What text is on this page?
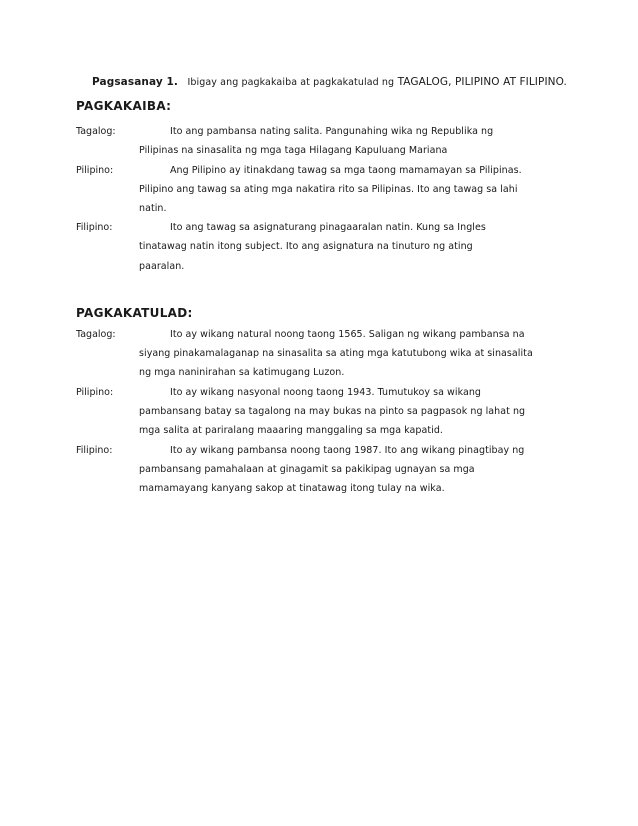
Pagsasanay 1. Ibigay ang pagkakaiba at pagkakatulad ng TAGALOG, PILIPINO AT FILIPINO.
PAGKAKAIBA:
Tagalog:	Ito ang pambansa nating salita. Pangunahing wika ng Republika ng
Pilipinas na sinasalita ng mga taga Hilagang Kapuluang Mariana
Pilipino:	Ang Pilipino ay itinakdang tawag sa mga taong mamamayan sa Pilipinas.
Pilipino ang tawag sa ating mga nakatira rito sa Pilipinas. Ito ang tawag sa lahi
natin.
Filipino:	Ito ang tawag sa asignaturang pinagaaralan natin. Kung sa Ingles
tinatawag natin itong subject. Ito ang asignatura na tinuturo ng ating
paaralan.
PAGKAKATULAD:
Tagalog:	Ito ay wikang natural noong taong 1565. Saligan ng wikang pambansa na
siyang pinakamalaganap na sinasalita sa ating mga katutubong wika at sinasalita
ng mga naninirahan sa katimugang Luzon.
Pilipino:	Ito ay wikang nasyonal noong taong 1943. Tumutukoy sa wikang
pambansang batay sa tagalong na may bukas na pinto sa pagpasok ng lahat ng
mga salita at pariralang maaaring manggaling sa mga kapatid.
Filipino:	Ito ay wikang pambansa noong taong 1987. Ito ang wikang pinagtibay ng
pambansang pamahalaan at ginagamit sa pakikipag ugnayan sa mga
mamamayang kanyang sakop at tinatawag itong tulay na wika.
